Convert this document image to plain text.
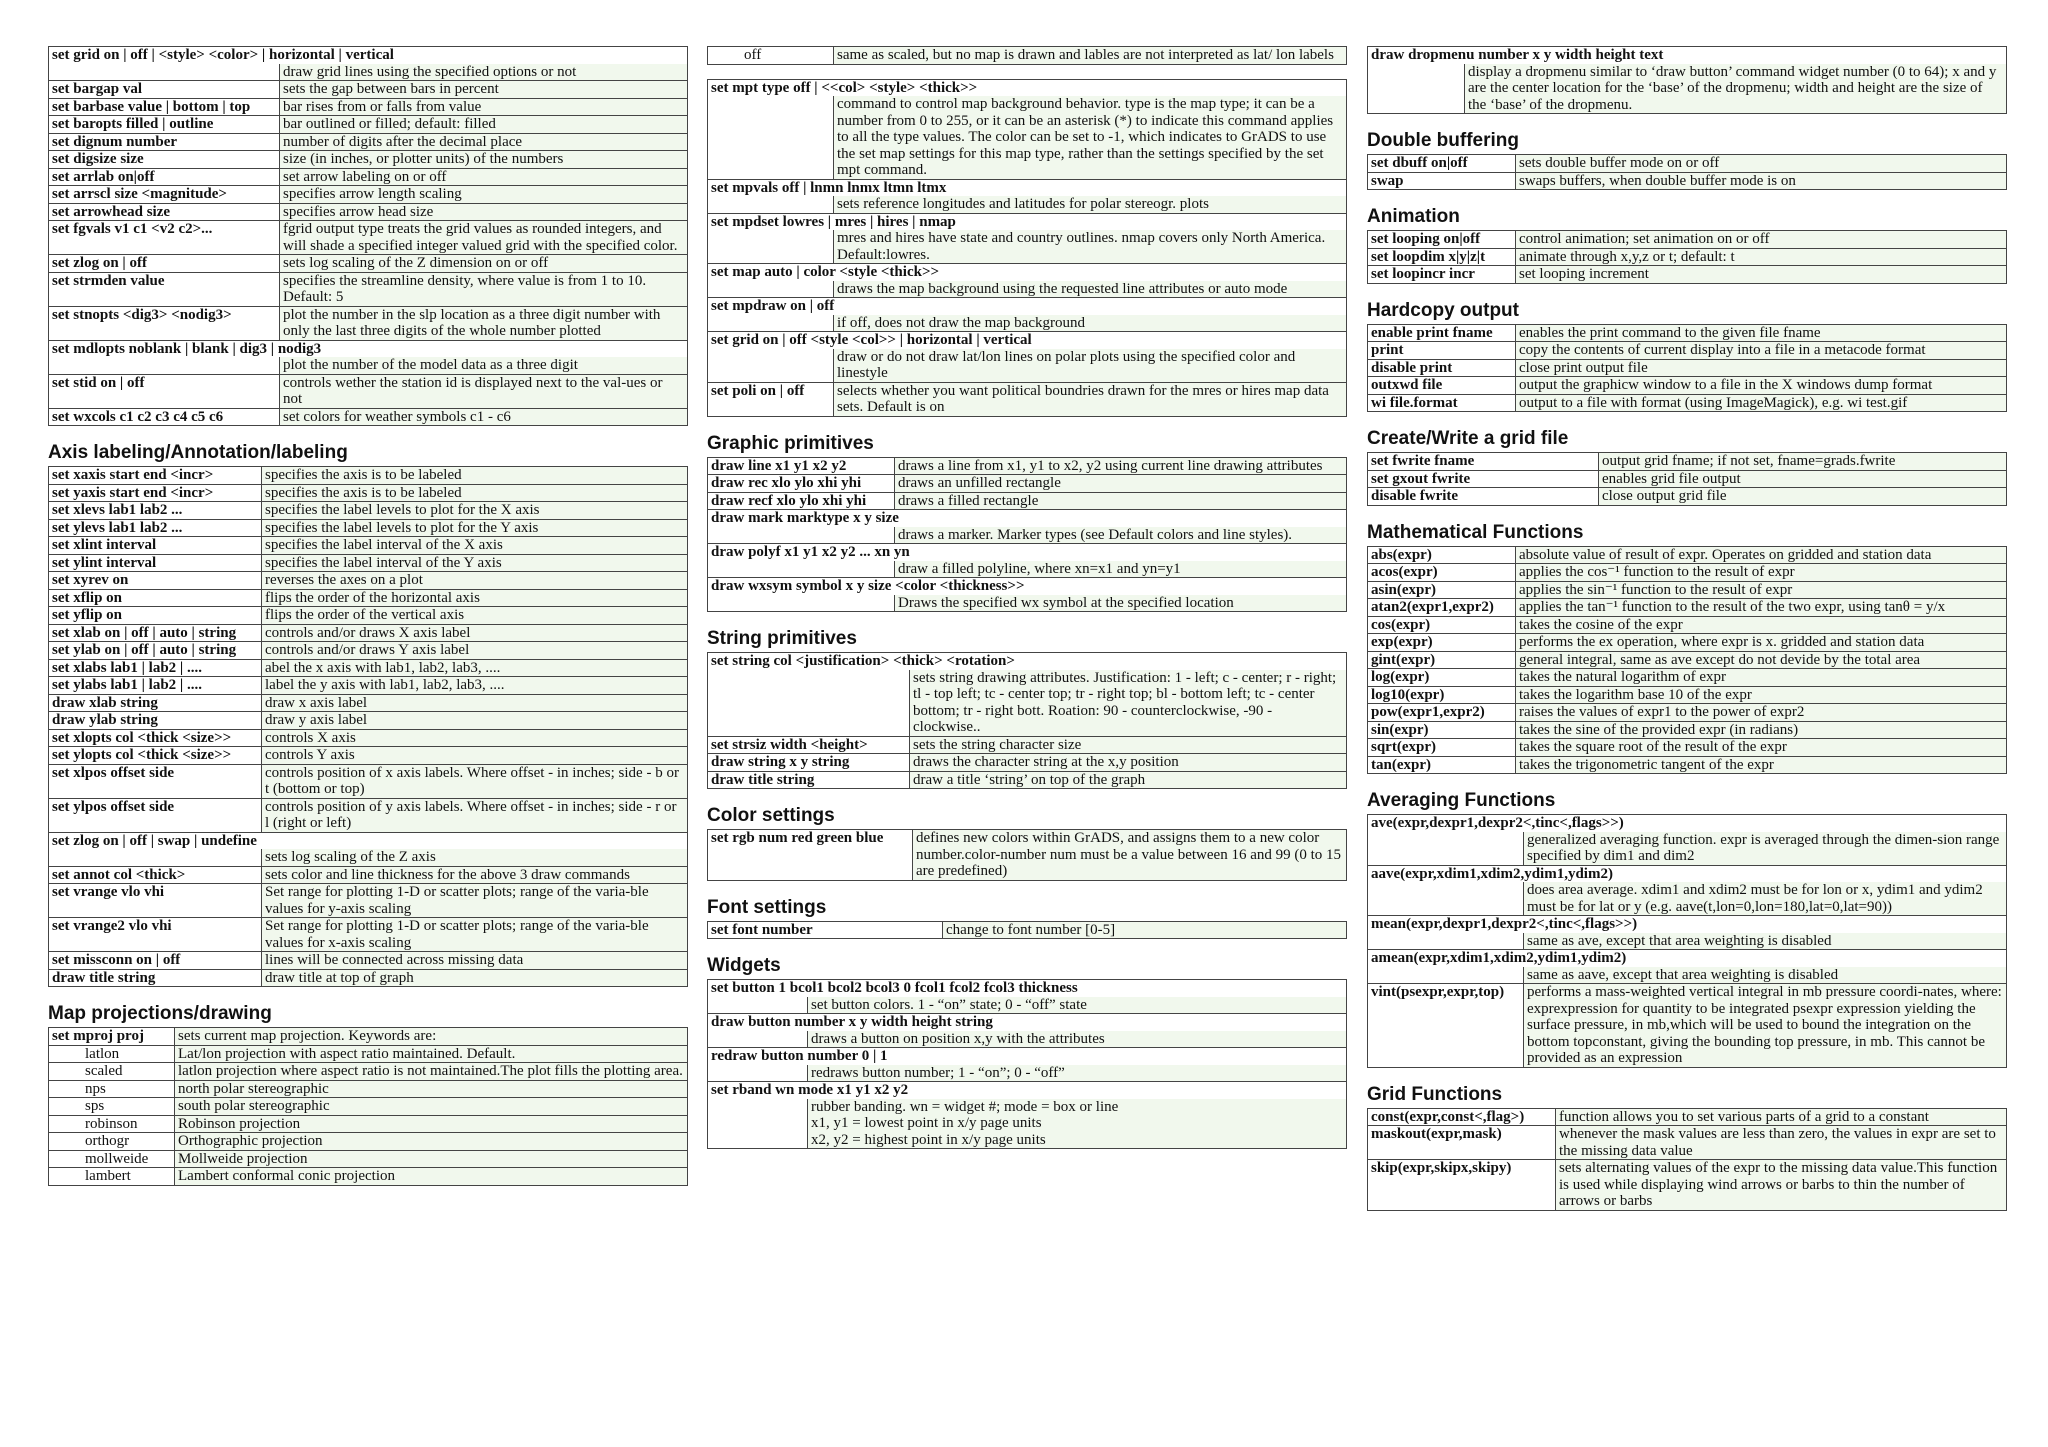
set grid on | off | <style> <color> | horizontal | vertical	
	draw grid lines using the specified options or not
set bargap val	sets the gap between bars in percent
set barbase value | bottom | top	bar rises from or falls from value
set baropts filled | outline	bar outlined or filled; default: filled
set dignum number	number of digits after the decimal place
set digsize size	size (in inches, or plotter units) of the numbers
set arrlab on|off	set arrow labeling on or off
set arrscl size <magnitude>	specifies arrow length scaling
set arrowhead size	specifies arrow head size
set fgvals v1 c1 <v2 c2>...	fgrid output type treats the grid values as rounded integers, and will shade a specified integer valued grid with the specified color.
set zlog on | off	sets log scaling of the Z dimension on or off
set strmden value	specifies the streamline density, where value is from 1 to 10. Default: 5
set stnopts <dig3> <nodig3>	plot the number in the slp location as a three digit number with only the last three digits of the whole number plotted
set mdlopts noblank | blank | dig3 | nodig3	
	plot the number of the model data as a three digit
set stid on | off	controls wether the station id is displayed next to the val-ues or not
set wxcols c1 c2 c3 c4 c5 c6	set colors for weather symbols c1 - c6
Axis labeling/Annotation/labeling
set xaxis start end <incr>	specifies the axis is to be labeled
set yaxis start end <incr>	specifies the axis is to be labeled
set xlevs lab1 lab2 ...	specifies the label levels to plot for the X axis
set ylevs lab1 lab2 ...	specifies the label levels to plot for the Y axis
set xlint interval	specifies the label interval of the X axis
set ylint interval	specifies the label interval of the Y axis
set xyrev on	reverses the axes on a plot
set xflip on	flips the order of the horizontal axis
set yflip on	flips the order of the vertical axis
set xlab on | off | auto | string	controls and/or draws X axis label
set ylab on | off | auto | string	controls and/or draws Y axis label
set xlabs lab1 | lab2 | ....	abel the x axis with lab1, lab2, lab3, ....
set ylabs lab1 | lab2 | ....	label the y axis with lab1, lab2, lab3, ....
draw xlab string	draw x axis label
draw ylab string	draw y axis label
set xlopts col <thick <size>>	controls X axis
set ylopts col <thick <size>>	controls Y axis
set xlpos offset side	controls position of x axis labels. Where offset - in inches; side - b or t (bottom or top)
set ylpos offset side	controls position of y axis labels. Where offset - in inches; side - r or l (right or left)
set zlog on | off | swap | undefine	
	sets log scaling of the Z axis
set annot col <thick>	sets color and line thickness for the above 3 draw commands
set vrange vlo vhi	Set range for plotting 1-D or scatter plots; range of the varia-ble values for y-axis scaling
set vrange2 vlo vhi	Set range for plotting 1-D or scatter plots; range of the varia-ble values for x-axis scaling
set missconn on | off	lines will be connected across missing data
draw title string	draw title at top of graph
Map projections/drawing
set mproj proj	sets current map projection. Keywords are:
latlon	Lat/lon projection with aspect ratio maintained. Default.
scaled	latlon projection where aspect ratio is not maintained.The plot fills the plotting area.
nps	north polar stereographic
sps	south polar stereographic
robinson	Robinson projection
orthogr	Orthographic projection
mollweide	Mollweide projection
lambert	Lambert conformal conic projection
off	same as scaled, but no map is drawn and lables are not interpreted as lat/ lon labels
set mpt type off | <<col> <style> <thick>>	
	command to control map background behavior. type is the map type; it can be a number from 0 to 255, or it can be an asterisk (*) to indicate this command applies to all the type values. The color can be set to -1, which indicates to GrADS to use the set map settings for this map type, rather than the settings specified by the set mpt command.
set mpvals off | lnmn lnmx ltmn ltmx	
	sets reference longitudes and latitudes for polar stereogr. plots
set mpdset lowres | mres | hires | nmap	
	mres and hires have state and country outlines. nmap covers only North America. Default:lowres.
set map auto | color <style <thick>>	
	draws the map background using the requested line attributes or auto mode
set mpdraw on | off	
	if off, does not draw the map background
set grid on | off <style <col>> | horizontal | vertical	
	draw or do not draw lat/lon lines on polar plots using the specified color and linestyle
set poli on | off	selects whether you want political boundries drawn for the mres or hires map data sets. Default is on
Graphic primitives
draw line x1 y1 x2 y2	draws a line from x1, y1 to x2, y2 using current line drawing attributes
draw rec xlo ylo xhi yhi	draws an unfilled rectangle
draw recf xlo ylo xhi yhi	draws a filled rectangle
draw mark marktype x y size	
	draws a marker. Marker types (see Default colors and line styles).
draw polyf x1 y1 x2 y2 ... xn yn	
	draw a filled polyline, where xn=x1 and yn=y1
draw wxsym symbol x y size <color <thickness>>	
	Draws the specified wx symbol at the specified location
String primitives
set string col <justification> <thick> <rotation>	
	sets string drawing attributes. Justification: 1 - left; c - center; r - right; tl - top left; tc - center top; tr - right top; bl - bottom left; tc - center bottom; tr - right bott. Roation: 90 - counterclockwise, -90 - clockwise..
set strsiz width <height>	sets the string character size
draw string x y string	draws the character string at the x,y position
draw title string	draw a title ‘string’ on top of the graph
Color settings
set rgb num red green blue	defines new colors within GrADS, and assigns them to a new color number.color-number num must be a value between 16 and 99 (0 to 15 are predefined)
Font settings
set font number	change to font number [0-5]
Widgets
set button 1 bcol1 bcol2 bcol3 0 fcol1 fcol2 fcol3 thickness	
	set button colors. 1 - “on” state; 0 - “off” state
draw button number x y width height string	
	draws a button on position x,y with the attributes
redraw button number 0 | 1	
	redraws button number; 1 - “on”; 0 - “off”
set rband wn mode x1 y1 x2 y2	
	rubber banding. wn = widget #; mode = box or line
x1, y1 = lowest point in x/y page units
x2, y2 = highest point in x/y page units
draw dropmenu number x y width height text
	display a dropmenu similar to ‘draw button’ command widget number (0 to 64); x and y are the center location for the ‘base’ of the dropmenu; width and height are the size of the ‘base’ of the dropmenu.
Double buffering
set dbuff on|off	sets double buffer mode on or off
swap	swaps buffers, when double buffer mode is on
Animation
set looping on|off	control animation; set animation on or off
set loopdim x|y|z|t	animate through x,y,z or t; default: t
set loopincr incr	set looping increment
Hardcopy output
enable print fname	enables the print command to the given file fname
print	copy the contents of current display into a file in a metacode format
disable print	close print output file
outxwd file	output the graphicw window to a file in the X windows dump format
wi file.format	output to a file with format (using ImageMagick), e.g. wi test.gif
Create/Write a grid file
set fwrite fname	output grid fname; if not set, fname=grads.fwrite
set gxout fwrite	enables grid file output
disable fwrite	close output grid file
Mathematical Functions
abs(expr)	absolute value of result of expr. Operates on gridded and station data
acos(expr)	applies the cos⁻¹ function to the result of expr
asin(expr)	applies the sin⁻¹ function to the result of expr
atan2(expr1,expr2)	applies the tan⁻¹ function to the result of the two expr, using tanθ = y/x
cos(expr)	takes the cosine of the expr
exp(expr)	performs the ex operation, where expr is x. gridded and station data
gint(expr)	general integral, same as ave except do not devide by the total area
log(expr)	takes the natural logarithm of expr
log10(expr)	takes the logarithm base 10 of the expr
pow(expr1,expr2)	raises the values of expr1 to the power of expr2
sin(expr)	takes the sine of the provided expr (in radians)
sqrt(expr)	takes the square root of the result of the expr
tan(expr)	takes the trigonometric tangent of the expr
Averaging Functions
ave(expr,dexpr1,dexpr2<,tinc<,flags>>)	
	generalized averaging function. expr is averaged through the dimen-sion range specified by dim1 and dim2
aave(expr,xdim1,xdim2,ydim1,ydim2)	
	does area average. xdim1 and xdim2 must be for lon or x, ydim1 and ydim2 must be for lat or y (e.g. aave(t,lon=0,lon=180,lat=0,lat=90))
mean(expr,dexpr1,dexpr2<,tinc<,flags>>)	
	same as ave, except that area weighting is disabled
amean(expr,xdim1,xdim2,ydim1,ydim2)	
	same as aave, except that area weighting is disabled
vint(psexpr,expr,top)	performs a mass-weighted vertical integral in mb pressure coordi-nates, where: exprexpression for quantity to be integrated psexpr expression yielding the surface pressure, in mb,which will be used to bound the integration on the bottom topconstant, giving the bounding top pressure, in mb. This cannot be provided as an expression
Grid Functions
const(expr,const<,flag>)	function allows you to set various parts of a grid to a constant
maskout(expr,mask)	whenever the mask values are less than zero, the values in expr are set to the missing data value
skip(expr,skipx,skipy)	sets alternating values of the expr to the missing data value.This function is used while displaying wind arrows or barbs to thin the number of arrows or barbs
